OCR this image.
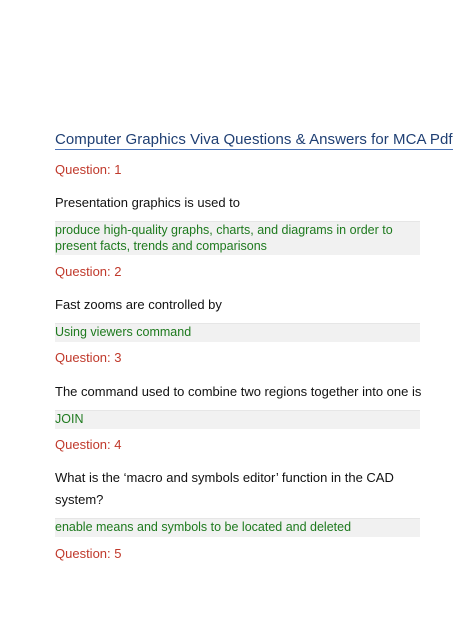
Computer Graphics Viva Questions & Answers for MCA Pdf
Question: 1
Presentation graphics is used to
produce high-quality graphs, charts, and diagrams in order to present facts, trends and comparisons
Question: 2
Fast zooms are controlled by
Using viewers command
Question: 3
The command used to combine two regions together into one is
JOIN
Question: 4
What is the ‘macro and symbols editor’ function in the CAD system?
enable means and symbols to be located and deleted
Question: 5
